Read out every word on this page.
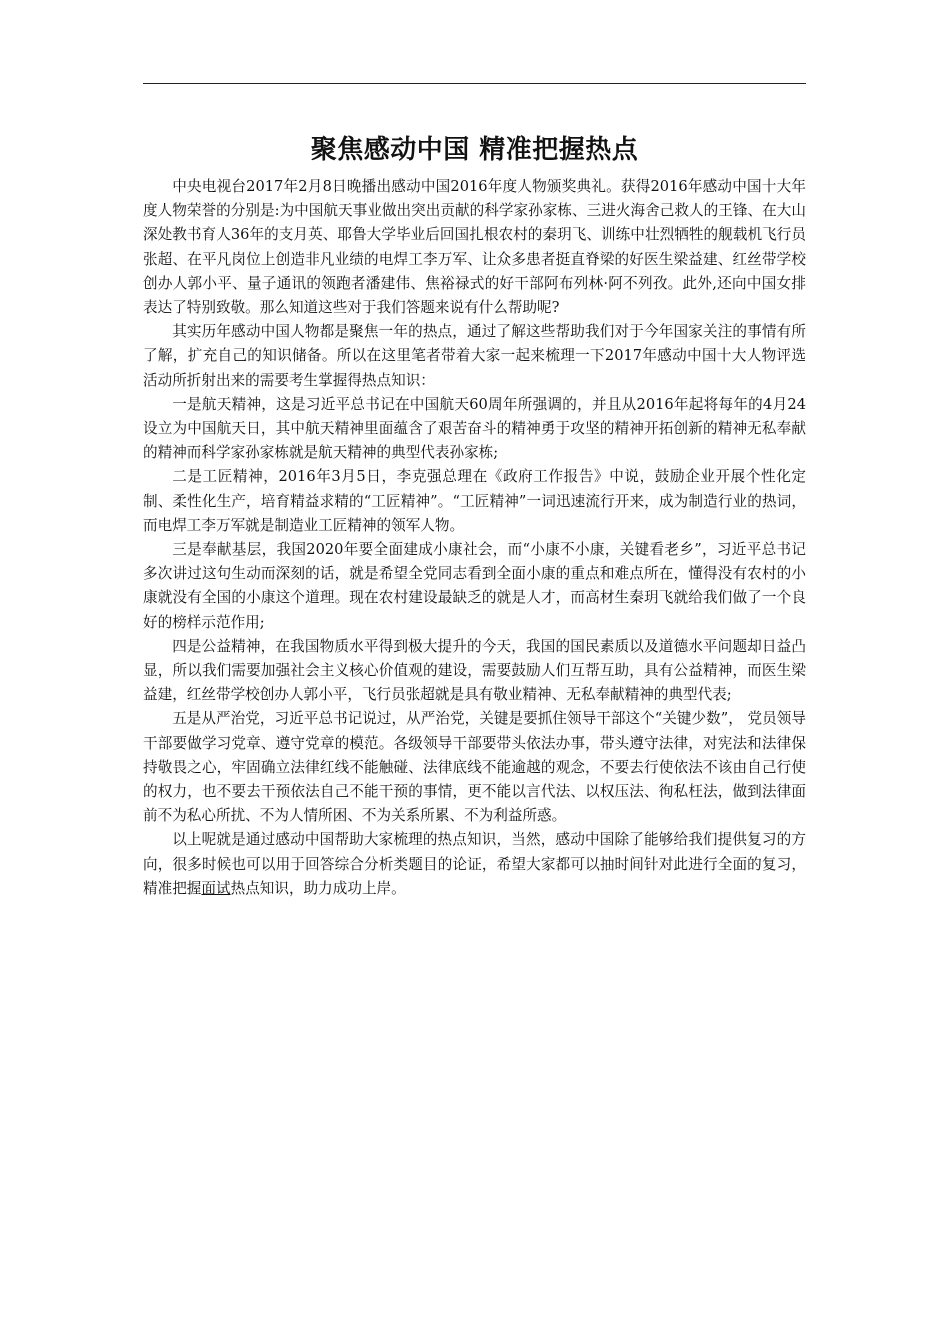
聚焦感动中国 精准把握热点

中央电视台2017年2月8日晚播出感动中国2016年度人物颁奖典礼。获得2016年感动中国十大年度人物荣誉的分别是:为中国航天事业做出突出贡献的科学家孙家栋、三进火海舍己救人的王锋、在大山深处教书育人36年的支月英、耶鲁大学毕业后回国扎根农村的秦玥飞、训练中壮烈牺牲的舰载机飞行员张超、在平凡岗位上创造非凡业绩的电焊工李万军、让众多患者挺直脊梁的好医生梁益建、红丝带学校创办人郭小平、量子通讯的领跑者潘建伟、焦裕禄式的好干部阿布列林·阿不列孜。此外,还向中国女排表达了特别致敬。那么知道这些对于我们答题来说有什么帮助呢?

其实历年感动中国人物都是聚焦一年的热点，通过了解这些帮助我们对于今年国家关注的事情有所了解，扩充自己的知识储备。所以在这里笔者带着大家一起来梳理一下2017年感动中国十大人物评选活动所折射出来的需要考生掌握得热点知识：

一是航天精神，这是习近平总书记在中国航天60周年所强调的，并且从2016年起将每年的4月24设立为中国航天日，其中航天精神里面蕴含了艰苦奋斗的精神勇于攻坚的精神开拓创新的精神无私奉献的精神而科学家孙家栋就是航天精神的典型代表孙家栋;

二是工匠精神，2016年3月5日，李克强总理在《政府工作报告》中说，鼓励企业开展个性化定制、柔性化生产，培育精益求精的“工匠精神”。“工匠精神”一词迅速流行开来，成为制造行业的热词，而电焊工李万军就是制造业工匠精神的领军人物。

三是奉献基层，我国2020年要全面建成小康社会，而“小康不小康，关键看老乡”，习近平总书记多次讲过这句生动而深刻的话，就是希望全党同志看到全面小康的重点和难点所在，懂得没有农村的小康就没有全国的小康这个道理。现在农村建设最缺乏的就是人才，而高材生秦玥飞就给我们做了一个良好的榜样示范作用;

四是公益精神，在我国物质水平得到极大提升的今天，我国的国民素质以及道德水平问题却日益凸显，所以我们需要加强社会主义核心价值观的建设，需要鼓励人们互帮互助，具有公益精神，而医生梁益建，红丝带学校创办人郭小平，飞行员张超就是具有敬业精神、无私奉献精神的典型代表;

五是从严治党，习近平总书记说过，从严治党，关键是要抓住领导干部这个“关键少数”， 党员领导干部要做学习党章、遵守党章的模范。各级领导干部要带头依法办事，带头遵守法律，对宪法和法律保持敬畏之心，牢固确立法律红线不能触碰、法律底线不能逾越的观念，不要去行使依法不该由自己行使的权力，也不要去干预依法自己不能干预的事情，更不能以言代法、以权压法、徇私枉法，做到法律面前不为私心所扰、不为人情所困、不为关系所累、不为利益所惑。

以上呢就是通过感动中国帮助大家梳理的热点知识，当然，感动中国除了能够给我们提供复习的方向，很多时候也可以用于回答综合分析类题目的论证，希望大家都可以抽时间针对此进行全面的复习，精准把握面试热点知识，助力成功上岸。
